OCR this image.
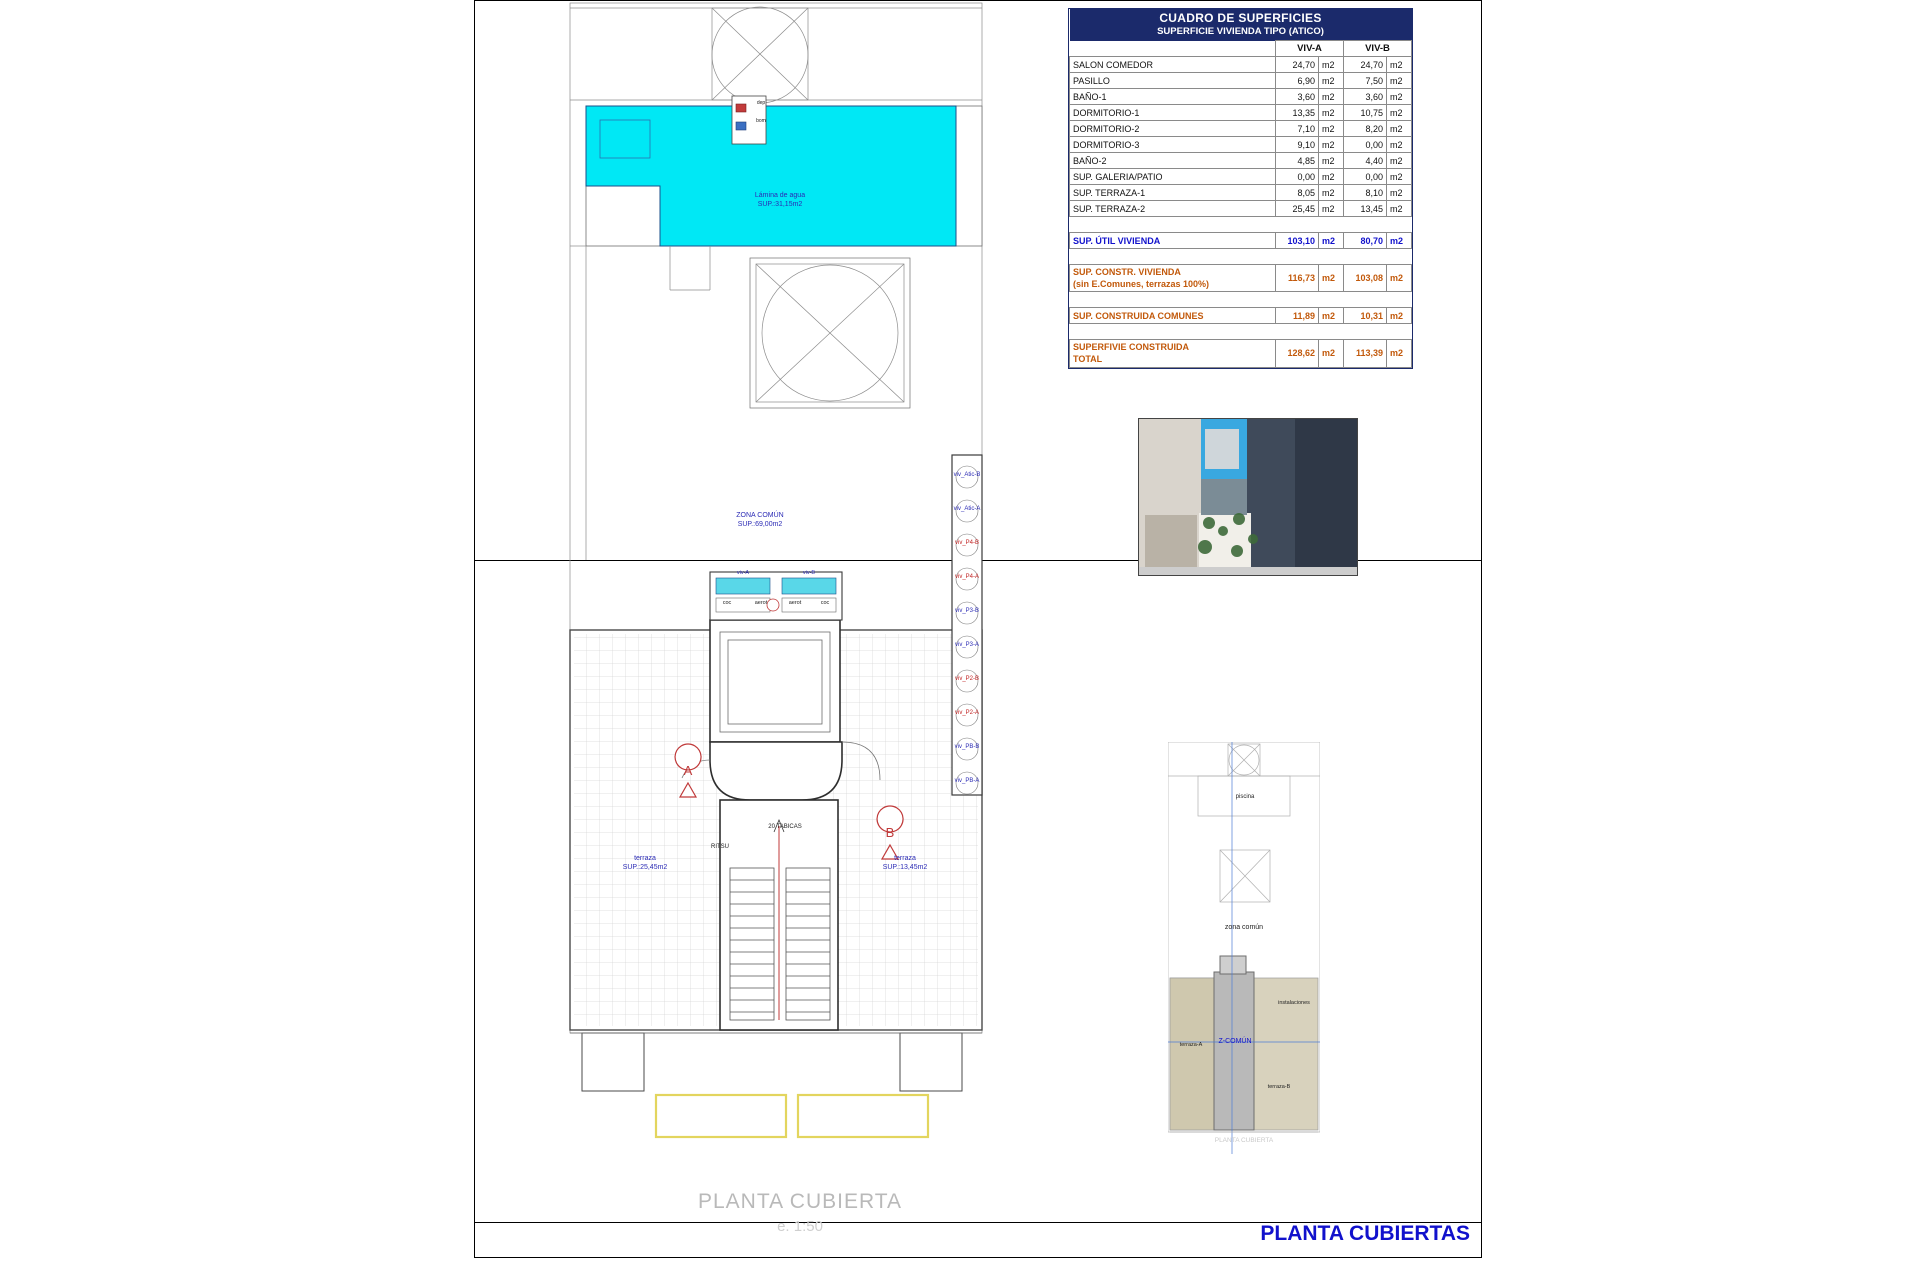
A
B
Lámina de agua
SUP.:31,15m2
ZONA COMÚN
SUP.:69,00m2
terraza
SUP.:25,45m2
terraza
SUP.:13,45m2
20 TABICAS
RITSU
viv-A	viv-B
coc	aerot	aerot	coc
dep
bom
viv_Atic-B
viv_Atic-A
viv_P4-B
viv_P4-A
viv_P3-B
viv_P3-A
viv_P2-B
viv_P2-A
viv_PB-B
viv_PB-A
PLANTA CUBIERTA
e. 1:50
CUADRO DE SUPERFICIES				
SUPERFICIE VIVIENDA TIPO (ATICO)				
	VIV-A		VIV-B	
SALON COMEDOR	24,70	m2	24,70	m2
PASILLO	6,90	m2	7,50	m2
BAÑO-1	3,60	m2	3,60	m2
DORMITORIO-1	13,35	m2	10,75	m2
DORMITORIO-2	7,10	m2	8,20	m2
DORMITORIO-3	9,10	m2	0,00	m2
BAÑO-2	4,85	m2	4,40	m2
SUP. GALERIA/PATIO	0,00	m2	0,00	m2
SUP. TERRAZA-1	8,05	m2	8,10	m2
SUP. TERRAZA-2	25,45	m2	13,45	m2

SUP. ÚTIL VIVIENDA	103,10	m2	80,70	m2

SUP. CONSTR. VIVIENDA
(sin E.Comunes, terrazas 100%)	116,73	m2	103,08	m2

SUP. CONSTRUIDA COMUNES	11,89	m2	10,31	m2

SUPERFIVIE CONSTRUIDA
TOTAL	128,62	m2	113,39	m2

piscina
zona común
instalaciones
terraza-A
terraza-B
Z-COMÚN
PLANTA CUBIERTA
PLANTA CUBIERTAS
